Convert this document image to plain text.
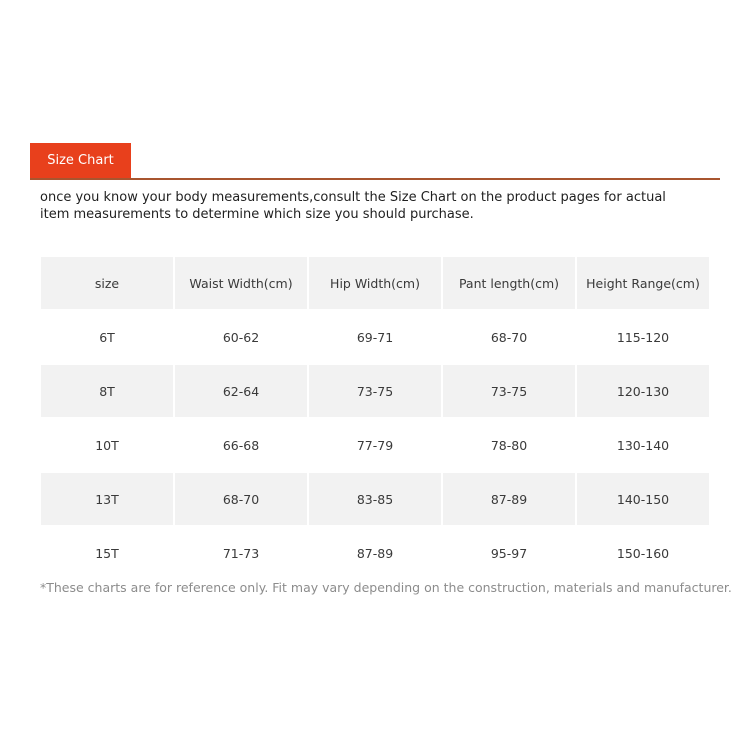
Size Chart
once you know your body measurements,consult the Size Chart on the product pages for actual item measurements to determine which size you should purchase.
size	Waist Width(cm)	Hip Width(cm)	Pant length(cm)	Height Range(cm)
6T	60-62	69-71	68-70	115-120
8T	62-64	73-75	73-75	120-130
10T	66-68	77-79	78-80	130-140
13T	68-70	83-85	87-89	140-150
15T	71-73	87-89	95-97	150-160
*These charts are for reference only. Fit may vary depending on the construction, materials and manufacturer.
